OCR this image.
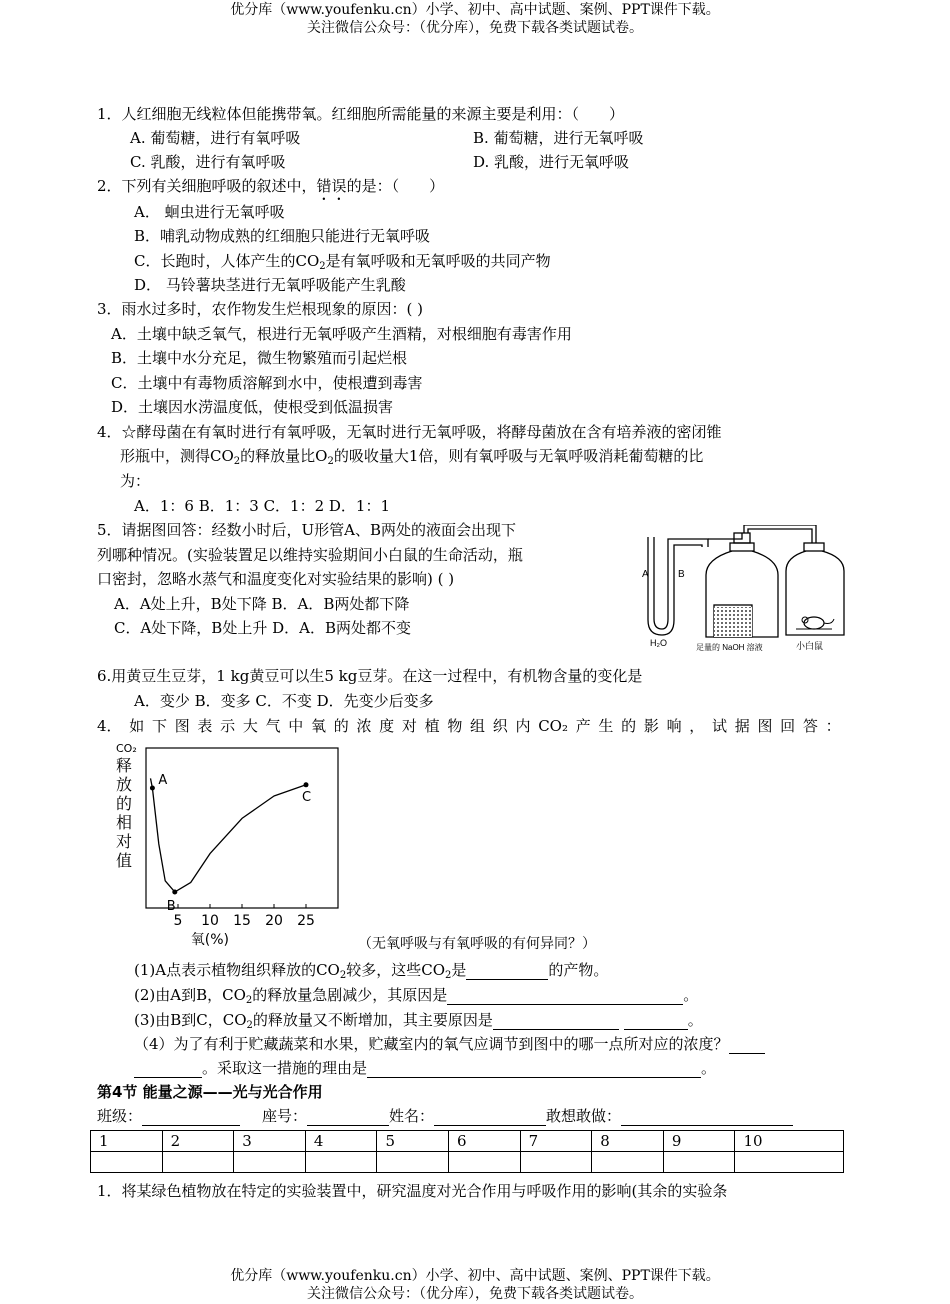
优分库（www.youfenku.cn）小学、初中、高中试题、案例、PPT课件下载。
关注微信公众号：（优分库），免费下载各类试题试卷。
1．人红细胞无线粒体但能携带氧。红细胞所需能量的来源主要是利用：（　　）
A. 葡萄糖，进行有氧呼吸	B. 葡萄糖，进行无氧呼吸
C. 乳酸，进行有氧呼吸	D. 乳酸，进行无氧呼吸
2．下列有关细胞呼吸的叙述中，错误的是：（　　）
A． 蛔虫进行无氧呼吸
B．哺乳动物成熟的红细胞只能进行无氧呼吸
C．长跑时，人体产生的$CO_2$是有氧呼吸和无氧呼吸的共同产物
D． 马铃薯块茎进行无氧呼吸能产生乳酸
3．雨水过多时，农作物发生烂根现象的原因：( )
A．土壤中缺乏氧气，根进行无氧呼吸产生酒精，对根细胞有毒害作用
B．土壤中水分充足，微生物繁殖而引起烂根
C．土壤中有毒物质溶解到水中，使根遭到毒害
D．土壤因水涝温度低，使根受到低温损害
4．☆酵母菌在有氧时进行有氧呼吸，无氧时进行无氧呼吸，将酵母菌放在含有培养液的密闭锥
形瓶中，测得$CO_2$的释放量比$O_2$的吸收量大1倍，则有氧呼吸与无氧呼吸消耗葡萄糖的比
为：
A．1：6 B．1：3 C．1：2 D．1：1
5．请据图回答：经数小时后，U形管A、B两处的液面会出现下
列哪种情况。(实验装置足以维持实验期间小白鼠的生命活动，瓶
口密封，忽略水蒸气和温度变化对实验结果的影响) ( )
A．A处上升，B处下降 B．A．B两处都下降
C．A处下降，B处上升 D．A．B两处都不变
A	B
H₂O	足量的 NaOH 溶液	小白鼠
6.用黄豆生豆芽，1 kg黄豆可以生5 kg豆芽。在这一过程中，有机物含量的变化是
A．变少 B．变多 C．不变 D．先变少后变多
4． 如 下 图 表 示 大 气 中 氧 的 浓 度 对 植 物 组 织 内 CO₂ 产 生 的 影 响 ， 试 据 图 回 答 ：
CO₂
释
放
的
相
对
值
5 10 15 20 25
氧(%)
A
B
C
（无氧呼吸与有氧呼吸的有何异同？）
(1)A点表示植物组织释放的$CO_2$较多，这些$CO_2$是	的产物。
(2)由A到B，$CO_2$的释放量急剧减少，其原因是	。
(3)由B到C，$CO_2$的释放量又不断增加，其主要原因是	。
（4）为了有利于贮藏蔬菜和水果，贮藏室内的氧气应调节到图中的哪一点所对应的浓度？
。采取这一措施的理由是	。
第4节 能量之源——光与光合作用
班级：	座号：	姓名：	敢想敢做：
1	2	3	4	5	6	7	8	9	10

1．将某绿色植物放在特定的实验装置中，研究温度对光合作用与呼吸作用的影响(其余的实验条
优分库（www.youfenku.cn）小学、初中、高中试题、案例、PPT课件下载。
关注微信公众号：（优分库），免费下载各类试题试卷。
